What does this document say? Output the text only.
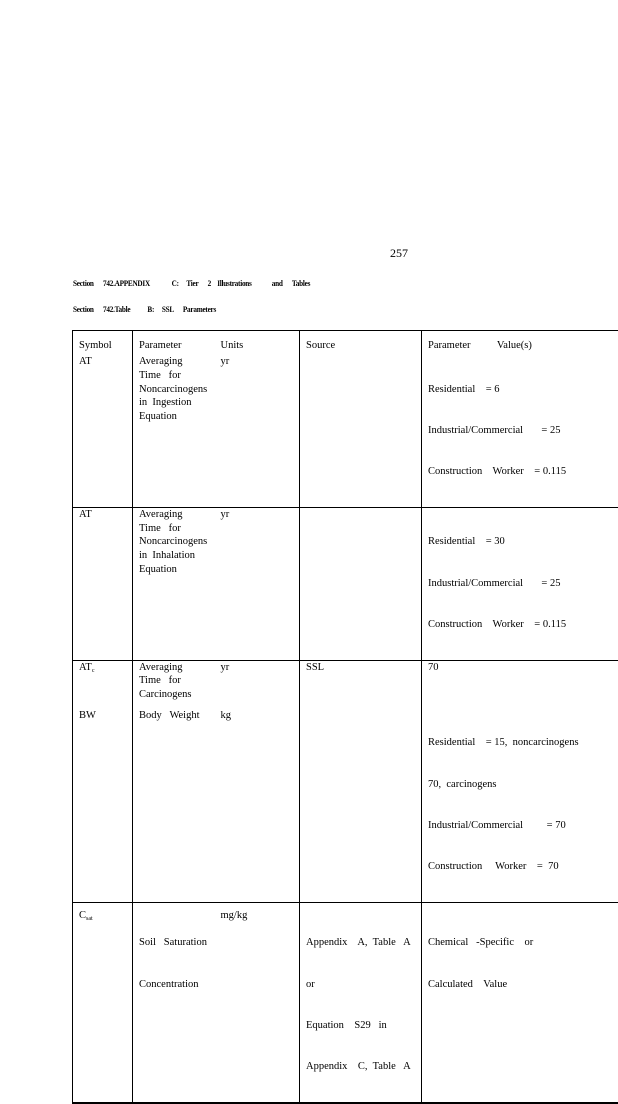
257
Section      742.APPENDIX              C:     Tier      2    Illustrations             and      Tables
Section      742.Table           B:     SSL      Parameters
Symbol	Parameter	Units	Source	Parameter    Value(s)
AT	Averaging
Time   for
Noncarcinogens
in  Ingestion
Equation	yr		Residential    = 6

Industrial/Commercial       = 25

Construction    Worker    = 0.115

AT	Averaging
Time   for
Noncarcinogens
in  Inhalation
Equation	yr		Residential    = 30

Industrial/Commercial       = 25

Construction    Worker    = 0.115

$AT_c$	Averaging
Time   for
Carcinogens	yr	SSL	70

BW	Body   Weight	kg		Residential    = 15,  noncarcinogens

70,  carcinogens

Industrial/Commercial         = 70

Construction     Worker    =  70

$C_{sat}$	Soil   Saturation

Concentration	mg/kg	Appendix    A,  Table   A

or

Equation    S29   in

Appendix    C,  Table   A	Chemical   -Specific    or

Calculated    Value
